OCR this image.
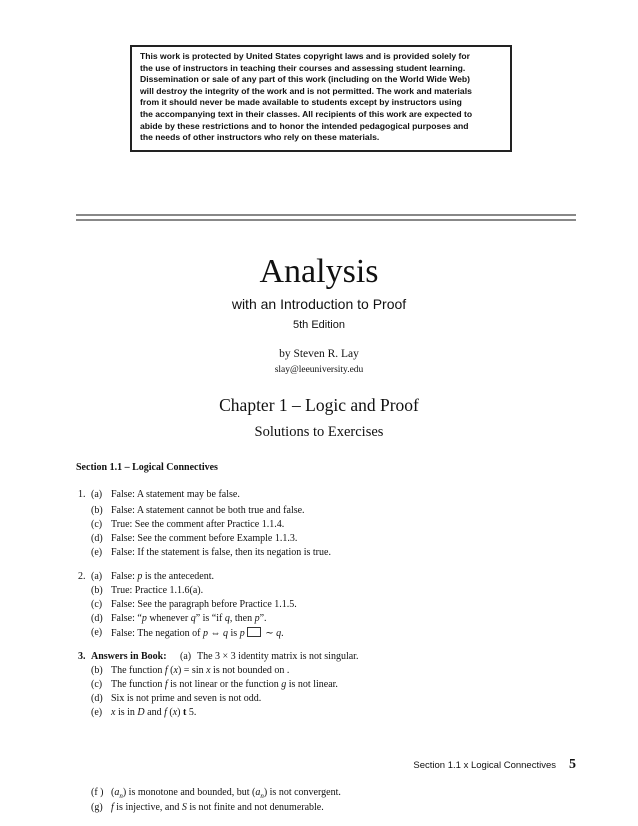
This work is protected by United States copyright laws and is provided solely for
the use of instructors in teaching their courses and assessing student learning.
Dissemination or sale of any part of this work (including on the World Wide Web)
will destroy the integrity of the work and is not permitted. The work and materials
from it should never be made available to students except by instructors using
the accompanying text in their classes. All recipients of this work are expected to
abide by these restrictions and to honor the intended pedagogical purposes and
the needs of other instructors who rely on these materials.
Analysis
with an Introduction to Proof
5th Edition
by Steven R. Lay
slay@leeuniversity.edu
Chapter 1 – Logic and Proof
Solutions to Exercises
Section 1.1 – Logical Connectives
1. (a) False: A statement may be false.
(b) False: A statement cannot be both true and false.
(c) True: See the comment after Practice 1.1.4.
(d) False: See the comment before Example 1.1.3.
(e) False: If the statement is false, then its negation is true.
2. (a) False: p is the antecedent.
(b) True: Practice 1.1.6(a).
(c) False: See the paragraph before Practice 1.1.5.
(d) False: “p whenever q” is “if q, then p”.
(e) False: The negation of p ⇔ q is p ∼ q.
3. Answers in Book: (a) The 3 × 3 identity matrix is not singular.
(b) The function f (x) = sin x is not bounded on .
(c) The function f is not linear or the function g is not linear.
(d) Six is not prime and seven is not odd.
(e) x is in D and f (x) t 5.
Section 1.1 x Logical Connectives 5
(f ) $(a_n)$ is monotone and bounded, but $(a_n)$ is not convergent.
(g) f is injective, and S is not finite and not denumerable.
